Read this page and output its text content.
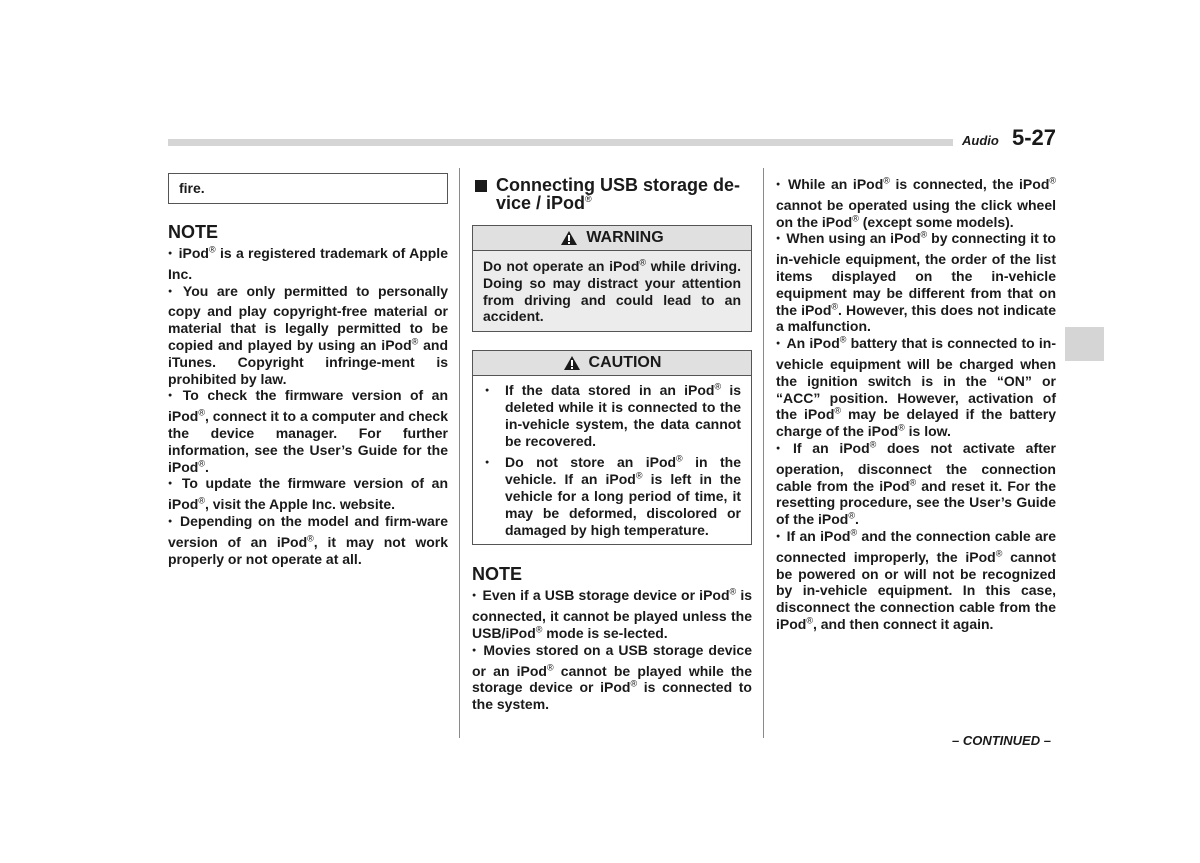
Audio 5-27
fire.
NOTE

● iPod® is a registered trademark of Apple Inc.

● You are only permitted to personally copy and play copyright-free material or material that is legally permitted to be copied and played by using an iPod® and iTunes. Copyright infringe-ment is prohibited by law.

● To check the firmware version of an iPod®, connect it to a computer and check the device manager. For further information, see the User’s Guide for the iPod®.

● To update the firmware version of an iPod®, visit the Apple Inc. website.

● Depending on the model and firm-ware version of an iPod®, it may not work properly or not operate at all.

Connecting USB storage de-
vice / iPod®
WARNING

Do not operate an iPod® while driving. Doing so may distract your attention from driving and could lead to an accident.

CAUTION

● If the data stored in an iPod® is deleted while it is connected to the in-vehicle system, the data cannot be recovered.

● Do not store an iPod® in the vehicle. If an iPod® is left in the vehicle for a long period of time, it may be deformed, discolored or damaged by high temperature.

NOTE

● Even if a USB storage device or iPod® is connected, it cannot be played unless the USB/iPod® mode is se-lected.

● Movies stored on a USB storage device or an iPod® cannot be played while the storage device or iPod® is connected to the system.

● While an iPod® is connected, the iPod® cannot be operated using the click wheel on the iPod® (except some models).

● When using an iPod® by connecting it to in-vehicle equipment, the order of the list items displayed on the in-vehicle equipment may be different from that on the iPod®. However, this does not indicate a malfunction.

● An iPod® battery that is connected to in-vehicle equipment will be charged when the ignition switch is in the “ON” or “ACC” position. However, activation of the iPod® may be delayed if the battery charge of the iPod® is low.

● If an iPod® does not activate after operation, disconnect the connection cable from the iPod® and reset it. For the resetting procedure, see the User’s Guide of the iPod®.

● If an iPod® and the connection cable are connected improperly, the iPod® cannot be powered on or will not be recognized by in-vehicle equipment. In this case, disconnect the connection cable from the iPod®, and then connect it again.

– CONTINUED –
